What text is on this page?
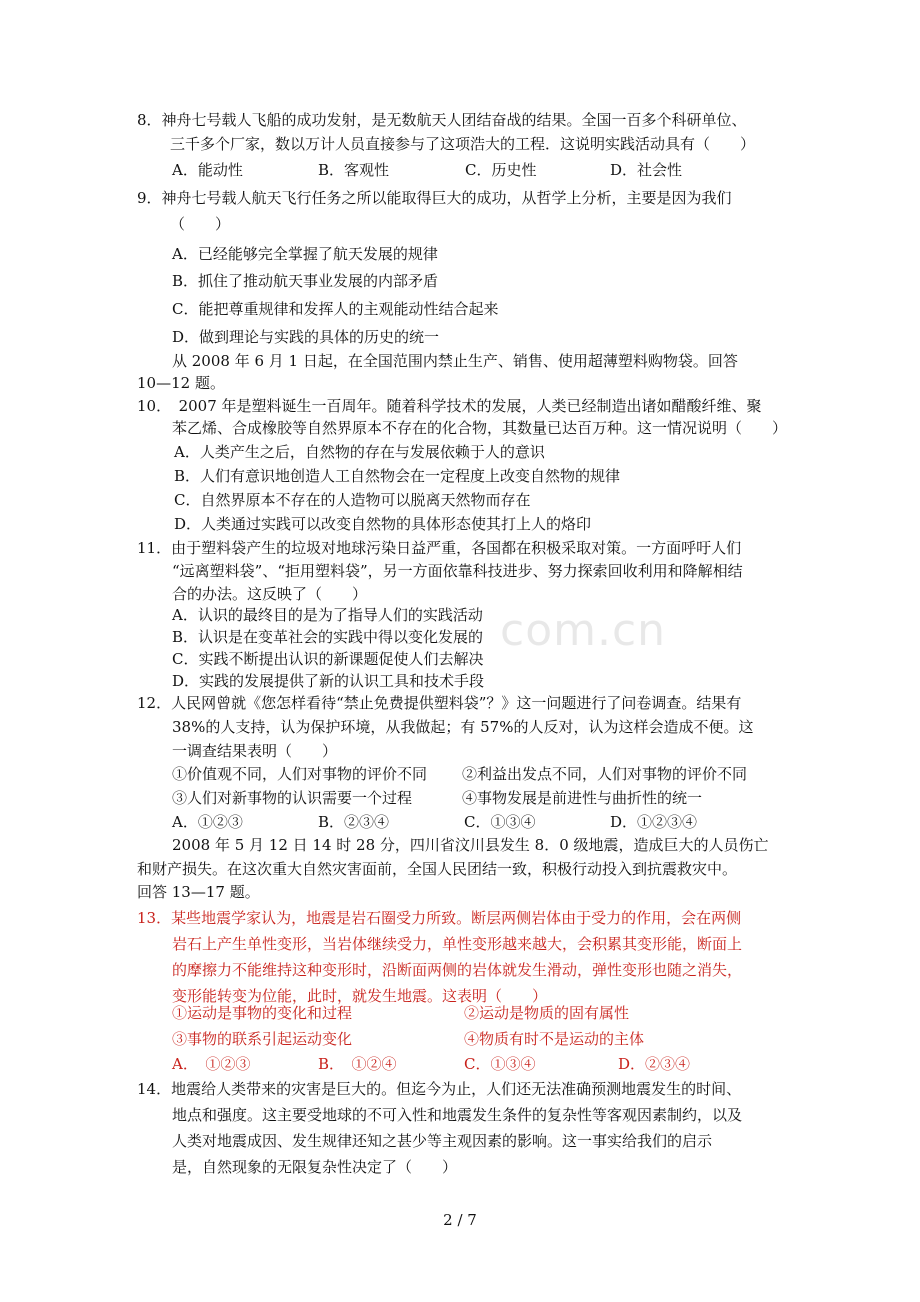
com.cn
8．神舟七号载人飞船的成功发射，是无数航天人团结奋战的结果。全国一百多个科研单位、
三千多个厂家，数以万计人员直接参与了这项浩大的工程．这说明实践活动具有（　　）
A．能动性	B．客观性	C．历史性	D．社会性
9．神舟七号载人航天飞行任务之所以能取得巨大的成功，从哲学上分析，主要是因为我们
（　　）
A．已经能够完全掌握了航天发展的规律
B．抓住了推动航天事业发展的内部矛盾
C．能把尊重规律和发挥人的主观能动性结合起来
D．做到理论与实践的具体的历史的统一
从 2008 年 6 月 1 日起，在全国范围内禁止生产、销售、使用超薄塑料购物袋。回答
10—12 题。
10．　2007 年是塑料诞生一百周年。随着科学技术的发展，人类已经制造出诸如醋酸纤维、聚
苯乙烯、合成橡胶等自然界原本不存在的化合物，其数量已达百万种。这一情况说明（　　）
A．人类产生之后，自然物的存在与发展依赖于人的意识
B．人们有意识地创造人工自然物会在一定程度上改变自然物的规律
C．自然界原本不存在的人造物可以脱离天然物而存在
D．人类通过实践可以改变自然物的具体形态使其打上人的烙印
11．由于塑料袋产生的垃圾对地球污染日益严重，各国都在积极采取对策。一方面呼吁人们
“远离塑料袋”、“拒用塑料袋”，另一方面依靠科技进步、努力探索回收利用和降解相结
合的办法。这反映了（　　）
A．认识的最终目的是为了指导人们的实践活动
B．认识是在变革社会的实践中得以变化发展的
C．实践不断提出认识的新课题促使人们去解决
D．实践的发展提供了新的认识工具和技术手段
12．人民网曾就《您怎样看待“禁止免费提供塑料袋”？》这一问题进行了问卷调查。结果有
38%的人支持，认为保护环境，从我做起；有 57%的人反对，认为这样会造成不便。这
一调查结果表明（　　）
①价值观不同，人们对事物的评价不同 ②利益出发点不同，人们对事物的评价不同
③人们对新事物的认识需要一个过程	④事物发展是前进性与曲折性的统一
A．①②③	B．②③④	C．①③④	D．①②③④
2008 年 5 月 12 日 14 时 28 分，四川省汶川县发生 8．0 级地震，造成巨大的人员伤亡
和财产损失。在这次重大自然灾害面前，全国人民团结一致，积极行动投入到抗震救灾中。
回答 13—17 题。
13．某些地震学家认为，地震是岩石圈受力所致。断层两侧岩体由于受力的作用，会在两侧
岩石上产生单性变形，当岩体继续受力，单性变形越来越大，会积累其变形能，断面上
的摩擦力不能维持这种变形时，沿断面两侧的岩体就发生滑动，弹性变形也随之消失，
变形能转变为位能，此时，就发生地震。这表明（　　）
①运动是事物的变化和过程	②运动是物质的固有属性
③事物的联系引起运动变化	④物质有时不是运动的主体
A．　①②③	B．　①②④	C．①③④	D．②③④
14．地震给人类带来的灾害是巨大的。但迄今为止，人们还无法准确预测地震发生的时间、
地点和强度。这主要受地球的不可入性和地震发生条件的复杂性等客观因素制约，以及
人类对地震成因、发生规律还知之甚少等主观因素的影响。这一事实给我们的启示
是，自然现象的无限复杂性决定了（　　）
2 / 7
